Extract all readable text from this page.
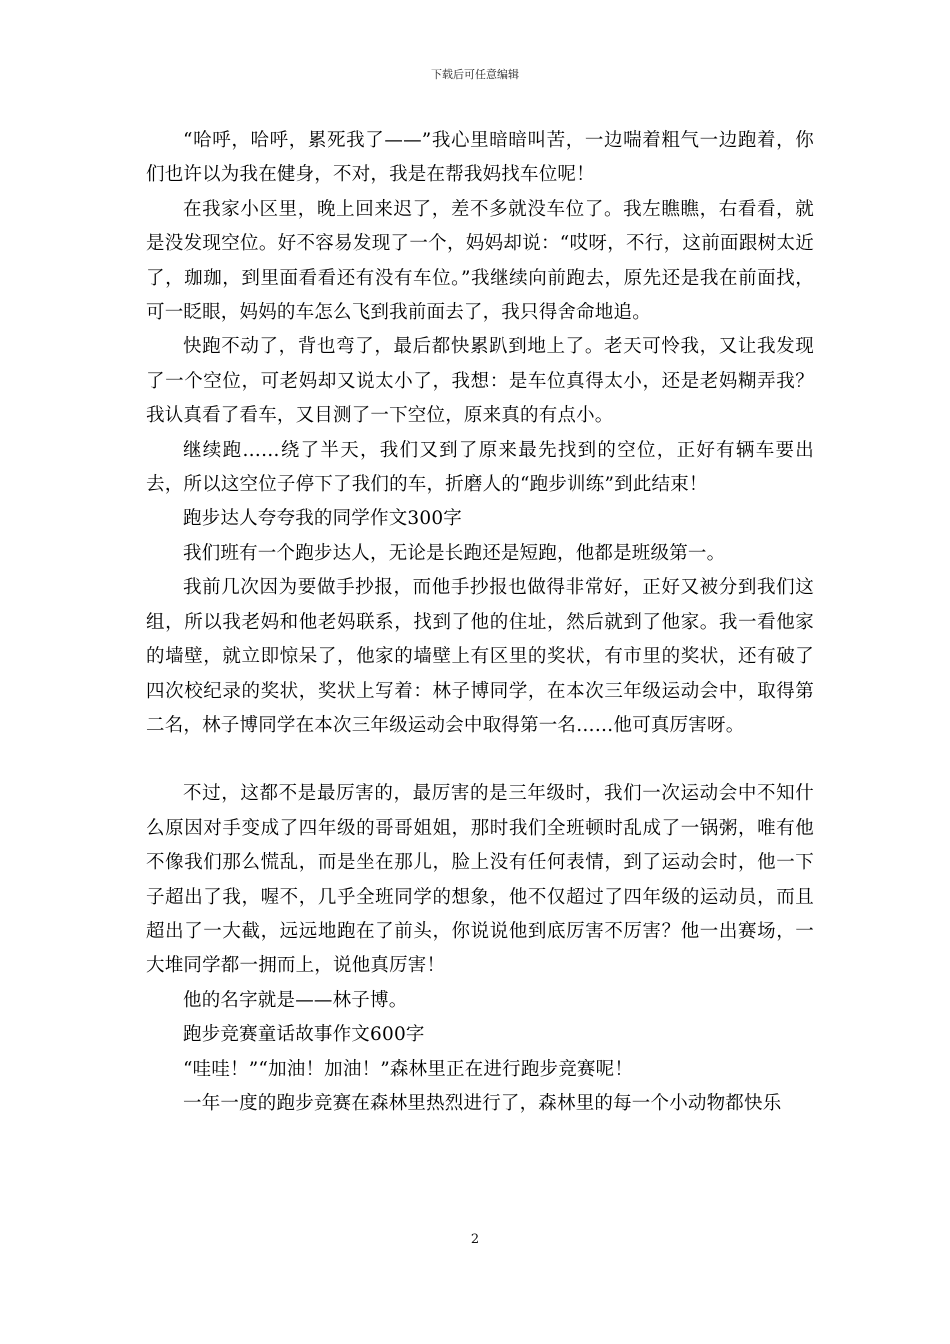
下载后可任意编辑

“哈呼，哈呼，累死我了——”我心里暗暗叫苦，一边喘着粗气一边跑着，你们也许以为我在健身，不对，我是在帮我妈找车位呢！

在我家小区里，晚上回来迟了，差不多就没车位了。我左瞧瞧，右看看，就是没发现空位。好不容易发现了一个，妈妈却说：“哎呀，不行，这前面跟树太近了，珈珈，到里面看看还有没有车位。”我继续向前跑去，原先还是我在前面找，可一眨眼，妈妈的车怎么飞到我前面去了，我只得舍命地追。

快跑不动了，背也弯了，最后都快累趴到地上了。老天可怜我，又让我发现了一个空位，可老妈却又说太小了，我想：是车位真得太小，还是老妈糊弄我？我认真看了看车，又目测了一下空位，原来真的有点小。

继续跑……绕了半天，我们又到了原来最先找到的空位，正好有辆车要出去，所以这空位子停下了我们的车，折磨人的“跑步训练”到此结束！

跑步达人夸夸我的同学作文300字

我们班有一个跑步达人，无论是长跑还是短跑，他都是班级第一。

我前几次因为要做手抄报，而他手抄报也做得非常好，正好又被分到我们这组，所以我老妈和他老妈联系，找到了他的住址，然后就到了他家。我一看他家的墙壁，就立即惊呆了，他家的墙壁上有区里的奖状，有市里的奖状，还有破了四次校纪录的奖状，奖状上写着：林子博同学，在本次三年级运动会中，取得第二名，林子博同学在本次三年级运动会中取得第一名……他可真厉害呀。

不过，这都不是最厉害的，最厉害的是三年级时，我们一次运动会中不知什么原因对手变成了四年级的哥哥姐姐，那时我们全班顿时乱成了一锅粥，唯有他不像我们那么慌乱，而是坐在那儿，脸上没有任何表情，到了运动会时，他一下子超出了我，喔不，几乎全班同学的想象，他不仅超过了四年级的运动员，而且超出了一大截，远远地跑在了前头，你说说他到底厉害不厉害？他一出赛场，一大堆同学都一拥而上，说他真厉害！

他的名字就是——林子博。

跑步竞赛童话故事作文600字

“哇哇！”“加油！加油！”森林里正在进行跑步竞赛呢！

一年一度的跑步竞赛在森林里热烈进行了，森林里的每一个小动物都快乐

2
